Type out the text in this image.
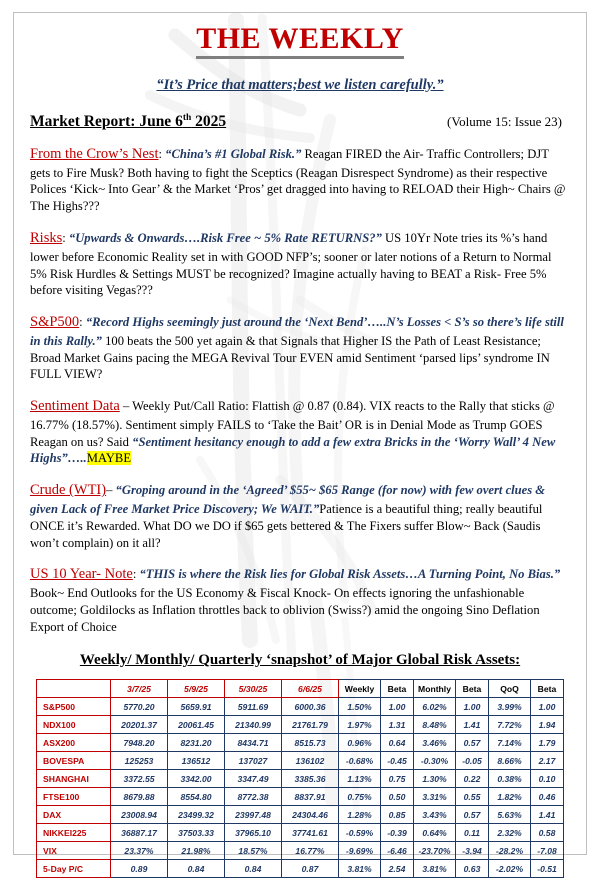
THE WEEKLY
“It’s Price that matters;best we listen carefully.”
Market Report: June 6th 2025	(Volume 15: Issue 23)
From the Crow’s Nest: “China’s #1 Global Risk.” Reagan FIRED the Air- Traffic Controllers; DJT gets to Fire Musk? Both having to fight the Sceptics (Reagan Disrespect Syndrome) as their respective Polices ‘Kick~ Into Gear’ & the Market ‘Pros’ get dragged into having to RELOAD their High~ Chairs @ The Highs???
Risks: “Upwards & Onwards….Risk Free ~ 5% Rate RETURNS?” US 10Yr Note tries its %’s hand lower before Economic Reality set in with GOOD NFP’s; sooner or later notions of a Return to Normal 5% Risk Hurdles & Settings MUST be recognized? Imagine actually having to BEAT a Risk- Free 5% before visiting Vegas???
S&P500: “Record Highs seemingly just around the ‘Next Bend’…..N’s Losses < S’s so there’s life still in this Rally.” 100 beats the 500 yet again & that Signals that Higher IS the Path of Least Resistance; Broad Market Gains pacing the MEGA Revival Tour EVEN amid Sentiment ‘parsed lips’ syndrome IN FULL VIEW?
Sentiment Data – Weekly Put/Call Ratio: Flattish @ 0.87 (0.84). VIX reacts to the Rally that sticks @ 16.77% (18.57%). Sentiment simply FAILS to ‘Take the Bait’ OR is in Denial Mode as Trump GOES Reagan on us? Said “Sentiment hesitancy enough to add a few extra Bricks in the ‘Worry Wall’ 4 New Highs”…..MAYBE
Crude (WTI)– “Groping around in the ‘Agreed’ $55~ $65 Range (for now) with few overt clues & given Lack of Free Market Price Discovery; We WAIT.”Patience is a beautiful thing; really beautiful ONCE it’s Rewarded. What DO we DO if $65 gets bettered & The Fixers suffer Blow~ Back (Saudis won’t complain) on it all?
US 10 Year- Note: “THIS is where the Risk lies for Global Risk Assets…A Turning Point, No Bias.” Book~ End Outlooks for the US Economy & Fiscal Knock- On effects ignoring the unfashionable outcome; Goldilocks as Inflation throttles back to oblivion (Swiss?) amid the ongoing Sino Deflation Export of Choice
Weekly/ Monthly/ Quarterly ‘snapshot’ of Major Global Risk Assets:
	3/7/25	5/9/25	5/30/25	6/6/25	Weekly	Beta	Monthly	Beta	QoQ	Beta
S&P500	5770.20	5659.91	5911.69	6000.36	1.50%	1.00	6.02%	1.00	3.99%	1.00
NDX100	20201.37	20061.45	21340.99	21761.79	1.97%	1.31	8.48%	1.41	7.72%	1.94
ASX200	7948.20	8231.20	8434.71	8515.73	0.96%	0.64	3.46%	0.57	7.14%	1.79
BOVESPA	125253	136512	137027	136102	-0.68%	-0.45	-0.30%	-0.05	8.66%	2.17
SHANGHAI	3372.55	3342.00	3347.49	3385.36	1.13%	0.75	1.30%	0.22	0.38%	0.10
FTSE100	8679.88	8554.80	8772.38	8837.91	0.75%	0.50	3.31%	0.55	1.82%	0.46
DAX	23008.94	23499.32	23997.48	24304.46	1.28%	0.85	3.43%	0.57	5.63%	1.41
NIKKEI225	36887.17	37503.33	37965.10	37741.61	-0.59%	-0.39	0.64%	0.11	2.32%	0.58
VIX	23.37%	21.98%	18.57%	16.77%	-9.69%	-6.46	-23.70%	-3.94	-28.2%	-7.08
5-Day P/C	0.89	0.84	0.84	0.87	3.81%	2.54	3.81%	0.63	-2.02%	-0.51
